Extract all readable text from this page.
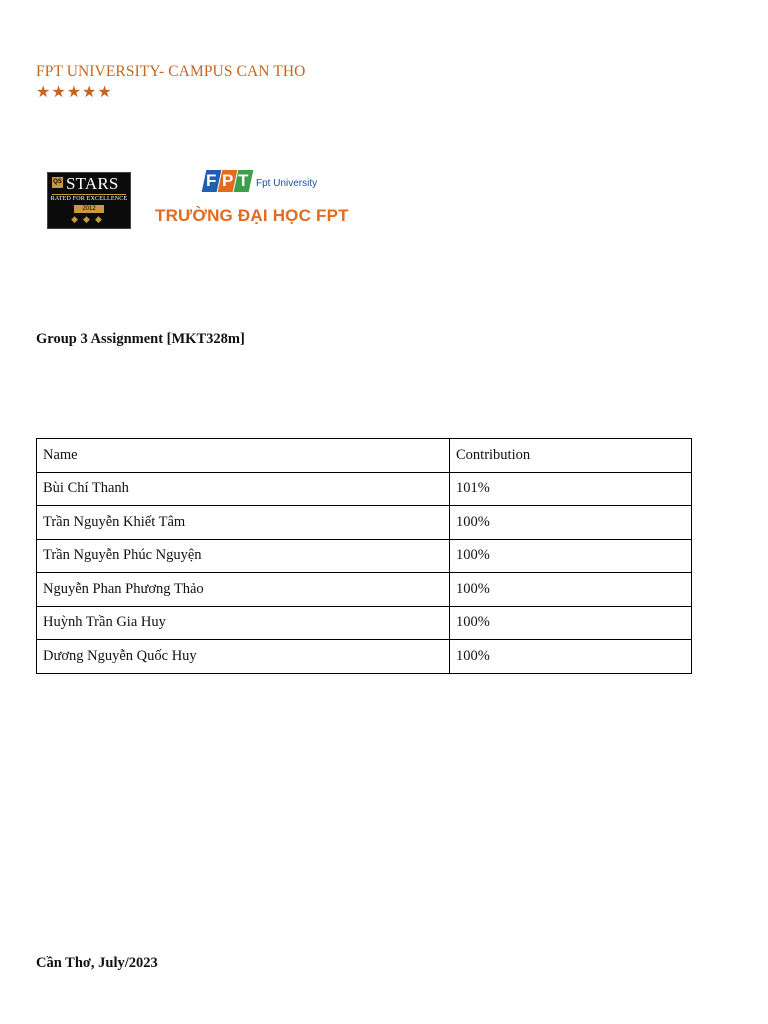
FPT UNIVERSITY- CAMPUS CAN THO
★★★★★
QS STARS
RATED FOR EXCELLENCE
2012
◆◆◆
F P T Fpt University
TRƯỜNG ĐẠI HỌC FPT
Group 3 Assignment [MKT328m]
Name	Contribution
Bùi Chí Thanh	101%
Trần Nguyễn Khiết Tâm	100%
Trần Nguyễn Phúc Nguyện	100%
Nguyễn Phan Phương Thảo	100%
Huỳnh Trần Gia Huy	100%
Dương Nguyễn Quốc Huy	100%
Cần Thơ, July/2023
